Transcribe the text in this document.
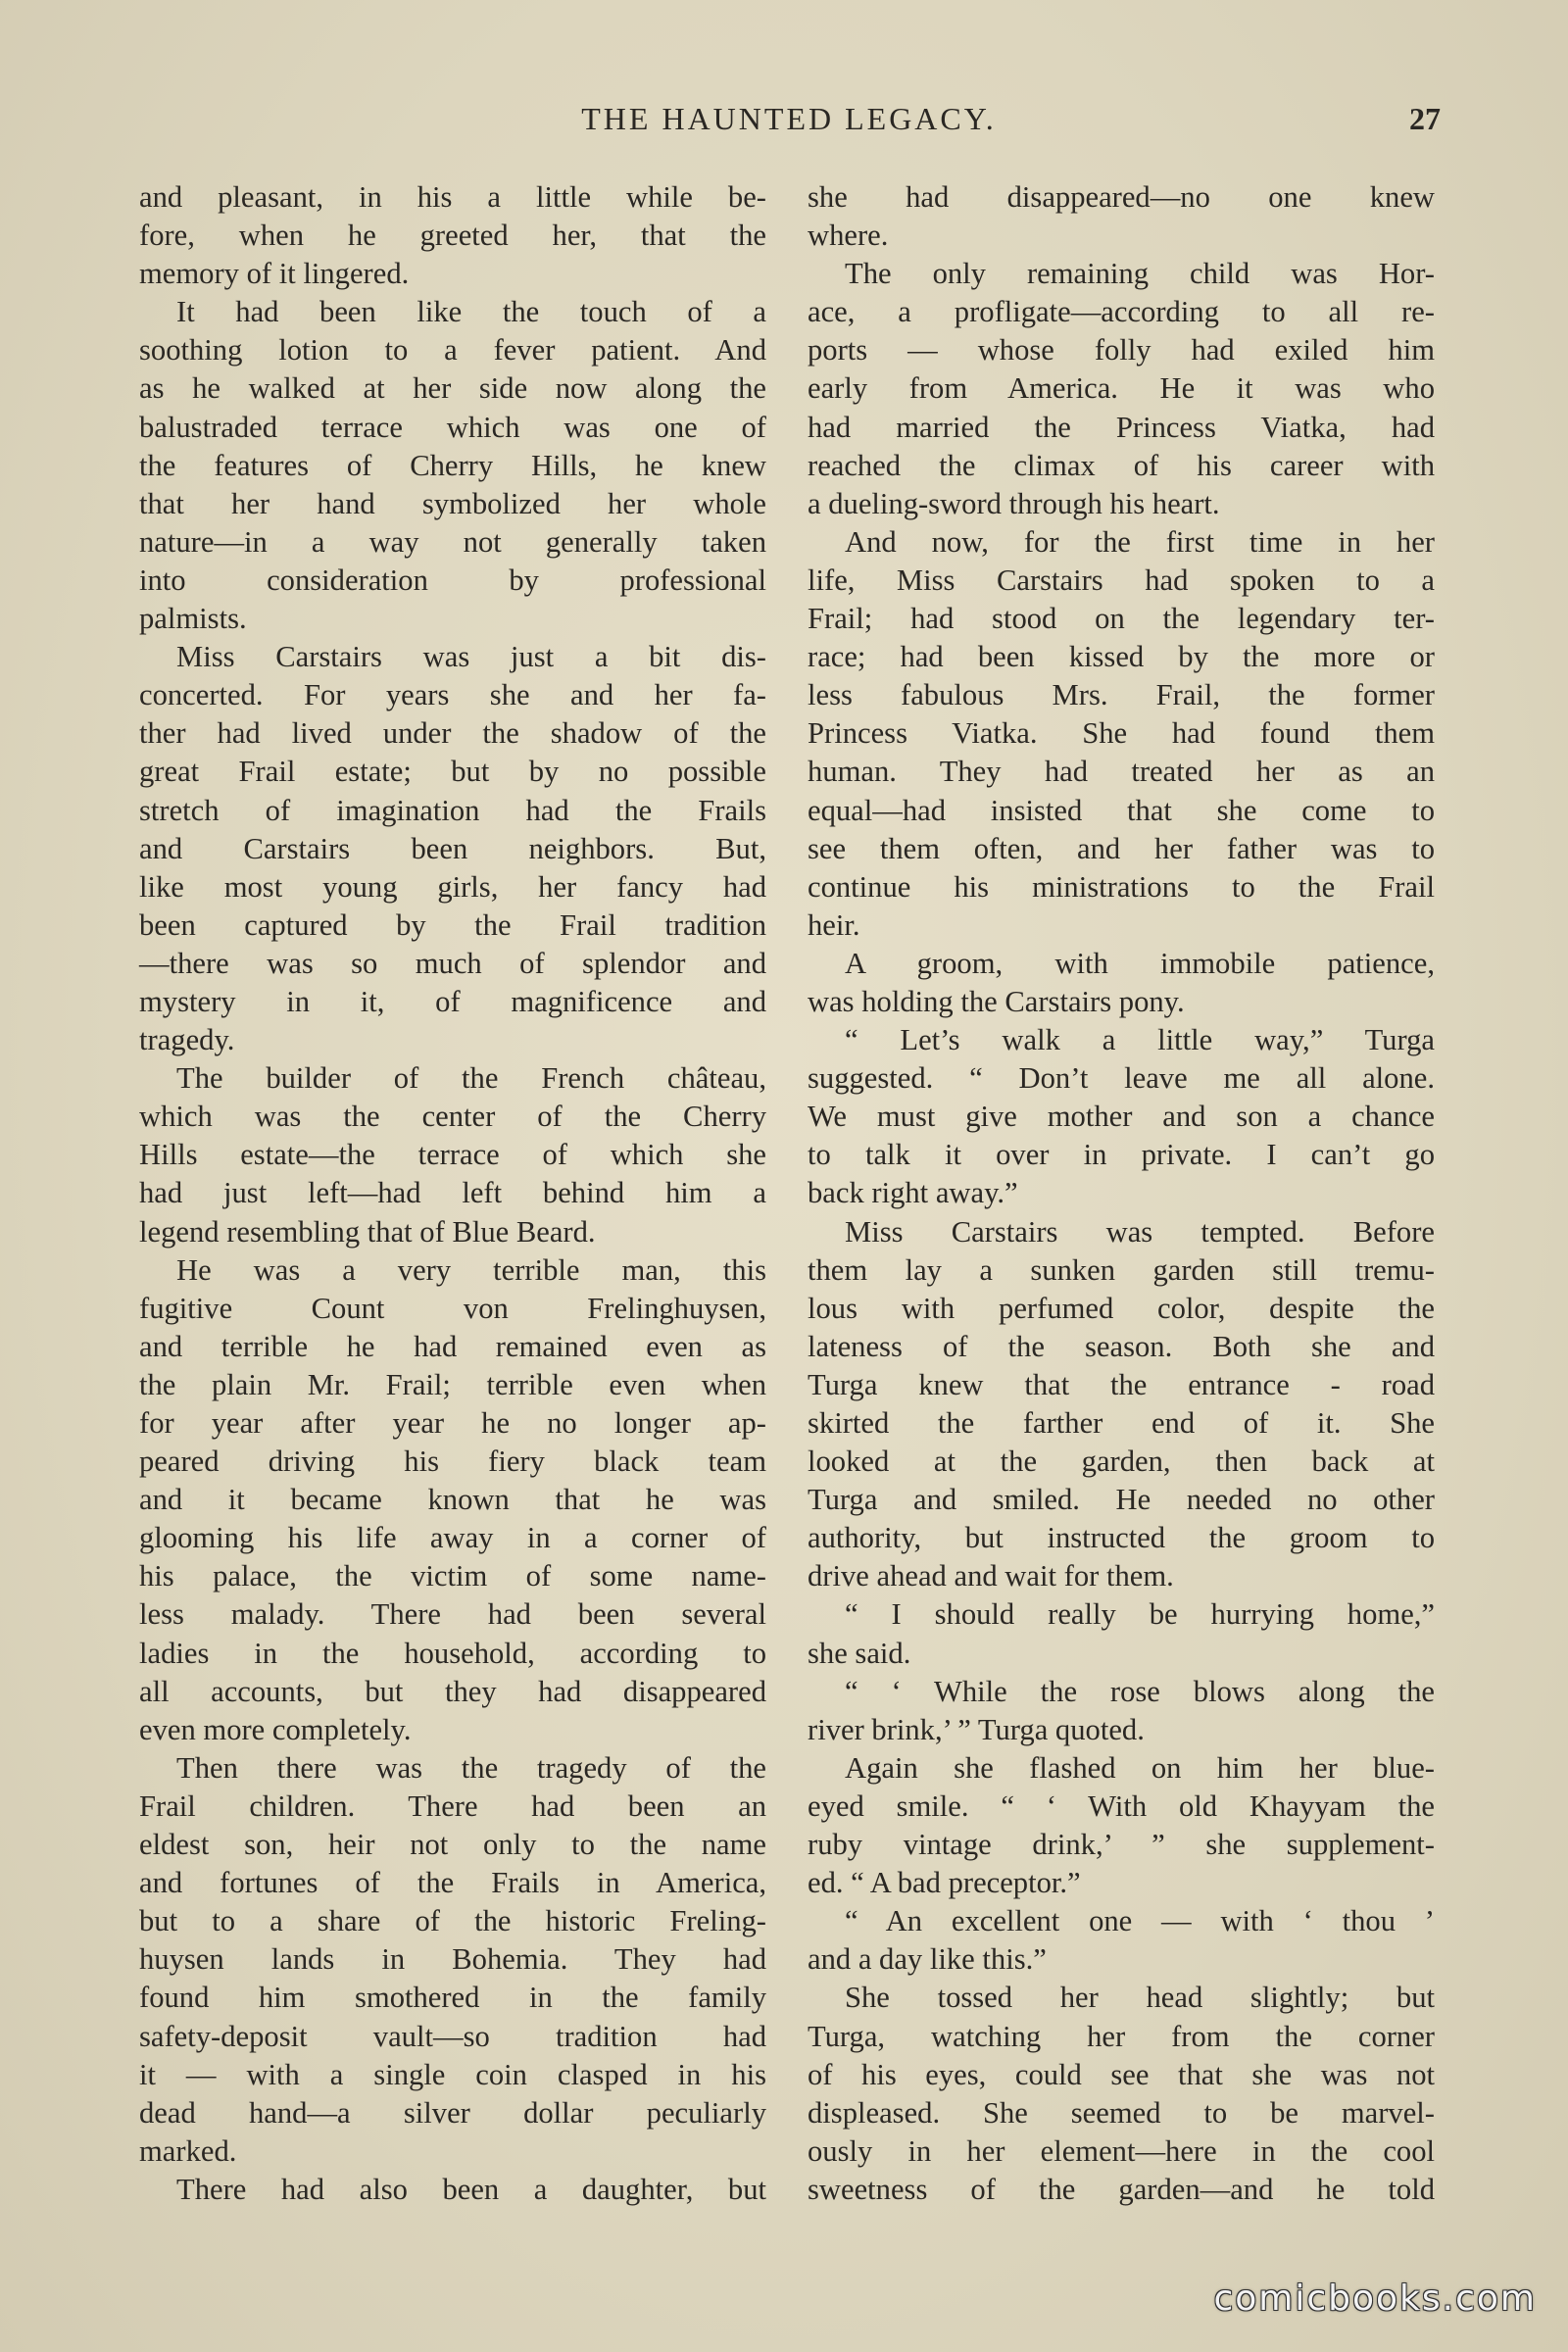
THE HAUNTED LEGACY.	27
and pleasant, in his a little while be-
fore, when he greeted her, that the
memory of it lingered.
It had been like the touch of a
soothing lotion to a fever patient. And
as he walked at her side now along the
balustraded terrace which was one of
the features of Cherry Hills, he knew
that her hand symbolized her whole
nature—in a way not generally taken
into consideration by professional
palmists.
Miss Carstairs was just a bit dis-
concerted. For years she and her fa-
ther had lived under the shadow of the
great Frail estate; but by no possible
stretch of imagination had the Frails
and Carstairs been neighbors. But,
like most young girls, her fancy had
been captured by the Frail tradition
—there was so much of splendor and
mystery in it, of magnificence and
tragedy.
The builder of the French château,
which was the center of the Cherry
Hills estate—the terrace of which she
had just left—had left behind him a
legend resembling that of Blue Beard.
He was a very terrible man, this
fugitive Count von Frelinghuysen,
and terrible he had remained even as
the plain Mr. Frail; terrible even when
for year after year he no longer ap-
peared driving his fiery black team
and it became known that he was
glooming his life away in a corner of
his palace, the victim of some name-
less malady. There had been several
ladies in the household, according to
all accounts, but they had disappeared
even more completely.
Then there was the tragedy of the
Frail children. There had been an
eldest son, heir not only to the name
and fortunes of the Frails in America,
but to a share of the historic Freling-
huysen lands in Bohemia. They had
found him smothered in the family
safety-deposit vault—so tradition had
it — with a single coin clasped in his
dead hand—a silver dollar peculiarly
marked.
There had also been a daughter, but
she had disappeared—no one knew
where.
The only remaining child was Hor-
ace, a profligate—according to all re-
ports — whose folly had exiled him
early from America. He it was who
had married the Princess Viatka, had
reached the climax of his career with
a dueling-sword through his heart.
And now, for the first time in her
life, Miss Carstairs had spoken to a
Frail; had stood on the legendary ter-
race; had been kissed by the more or
less fabulous Mrs. Frail, the former
Princess Viatka. She had found them
human. They had treated her as an
equal—had insisted that she come to
see them often, and her father was to
continue his ministrations to the Frail
heir.
A groom, with immobile patience,
was holding the Carstairs pony.
“ Let’s walk a little way,” Turga
suggested. “ Don’t leave me all alone.
We must give mother and son a chance
to talk it over in private. I can’t go
back right away.”
Miss Carstairs was tempted. Before
them lay a sunken garden still tremu-
lous with perfumed color, despite the
lateness of the season. Both she and
Turga knew that the entrance - road
skirted the farther end of it. She
looked at the garden, then back at
Turga and smiled. He needed no other
authority, but instructed the groom to
drive ahead and wait for them.
“ I should really be hurrying home,”
she said.
“ ‘ While the rose blows along the
river brink,’ ” Turga quoted.
Again she flashed on him her blue-
eyed smile. “ ‘ With old Khayyam the
ruby vintage drink,’ ” she supplement-
ed. “ A bad preceptor.”
“ An excellent one — with ‘ thou ’
and a day like this.”
She tossed her head slightly; but
Turga, watching her from the corner
of his eyes, could see that she was not
displeased. She seemed to be marvel-
ously in her element—here in the cool
sweetness of the garden—and he told
comicbooks.com
